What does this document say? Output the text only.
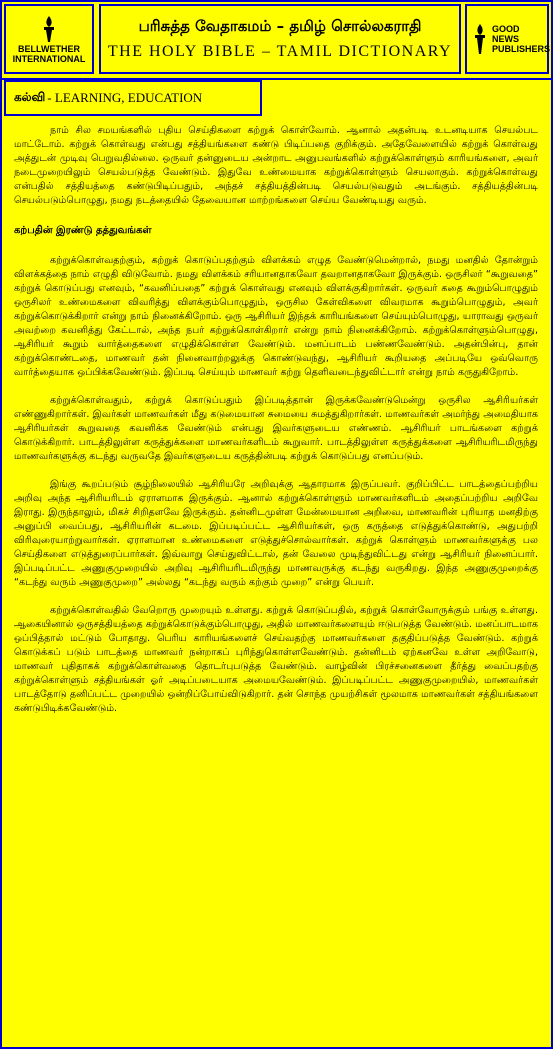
BELLWETHER INTERNATIONAL
பரிசுத்த வேதாகமம் – தமிழ் சொல்லகராதி
THE HOLY BIBLE – TAMIL DICTIONARY
GOOD NEWS PUBLISHERS
கல்வி - LEARNING, EDUCATION

நாம் சில சமயங்களில் புதிய செய்திகளை கற்றுக் கொள்வோம். ஆனால் அதன்படி உடனடியாக செயல்பட மாட்டோம். கற்றுக் கொள்வது என்பது சத்தியங்களை கண்டு பிடிப்பதை குறிக்கும். அதேவேளையில் கற்றுக் கொள்வது அத்துடன் முடிவு பெறுவதில்லை. ஒருவர் தன்னுடைய அன்றாட அனுபவங்களில் கற்றுக்கொள்ளும் காரியங்களை, அவர் நடைமுறையிலும் செயல்படுத்த வேண்டும். இதுவே உண்மையாக கற்றுக்கொள்ளும் செயலாகும். கற்றுக்கொள்வது என்பதில் சத்தியத்தை கண்டுபிடிப்பதும், அந்தச் சத்தியத்தின்படி செயல்படுவதும் அடங்கும். சத்தியத்தின்படி செயல்படும்பொழுது, நமது நடத்தையில் தேவையான மாற்றங்களை செய்ய வேண்டியது வரும்.

கற்பதின் இரண்டு தத்துவங்கள்

கற்றுக்கொள்வதற்கும், கற்றுக் கொடுப்பதற்கும் விளக்கம் எழுத வேண்டுமென்றால், நமது மனதில் தோன்றும் விளக்கத்தை நாம் எழுதி விடுவோம். நமது விளக்கம் சரியானதாகவோ தவறானதாகவோ இருக்கும். ஒருசிலர் “கூறுவதை” கற்றுக் கொடுப்பது எனவும், “கவனிப்பதை” கற்றுக் கொள்வது எனவும் விளக்குகிறார்கள். ஒருவர் கதை கூறும்பொழுதும் ஒருசிலர் உண்மைகளை விவரித்து விளக்கும்பொழுதும், ஒருசில கேள்விகளை விவரமாக கூறும்பொழுதும், அவர் கற்றுக்கொடுக்கிறார் என்று நாம் நினைக்கிறோம். ஒரு ஆசிரியர் இந்தக் காரியங்களை செய்யும்பொழுது, யாராவது ஒருவர் அவற்றை கவனித்து கேட்டால், அந்த நபர் கற்றுக்கொள்கிறார் என்று நாம் நினைக்கிறோம். கற்றுக்கொள்ளும்பொழுது, ஆசிரியர் கூறும் வார்த்தைகளை எழுதிக்கொள்ள வேண்டும். மனப்பாடம் பண்ணவேண்டும். அதன்பின்பு, தான் கற்றுக்கொண்டதை, மாணவர் தன் நினைவாற்றலுக்கு கொண்டுவந்து, ஆசிரியர் கூறியதை அப்படியே ஒவ்வொரு வார்த்தையாக ஒப்பிக்கவேண்டும். இப்படி செய்யும் மாணவர் கற்று தெளிவடைந்துவிட்டார் என்று நாம் கருதுகிறோம்.

கற்றுக்கொள்வதும், கற்றுக் கொடுப்பதும் இப்படித்தான் இருக்கவேண்டுமென்று ஒருசில ஆசிரியர்கள் எண்ணுகிறார்கள். இவர்கள் மாணவர்கள் மீது கடுமையான சுமையை சுமத்துகிறார்கள். மாணவர்கள் அமர்ந்து அமைதியாக ஆசிரியர்கள் கூறுவதை கவனிக்க வேண்டும் என்பது இவர்களுடைய எண்ணம். ஆசிரியர் பாடங்களை கற்றுக் கொடுக்கிறார். பாடத்திலுள்ள கருத்துக்களை மாணவர்களிடம் கூறுவார். பாடத்திலுள்ள கருத்துக்களை ஆசிரியரிடமிருந்து மாணவர்களுக்கு கடந்து வருவதே இவர்களுடைய கருத்தின்படி கற்றுக் கொடுப்பது எனப்படும்.

இங்கு கூறப்படும் சூழ்நிலையில் ஆசிரியரே அறிவுக்கு ஆதாரமாக இருப்பவர். குறிப்பிட்ட பாடத்தைப்பற்றிய அறிவு அந்த ஆசிரியரிடம் ஏராளமாக இருக்கும். ஆனால் கற்றுக்கொள்ளும் மாணவர்களிடம் அதைப்பற்றிய அறிவே இராது. இருந்தாலும், மிகச் சிறிதளவே இருக்கும். தன்னிடமுள்ள மேன்மையான அறிவை, மாணவரின் புரியாத மனதிற்கு அனுப்பி வைப்பது, ஆசிரியரின் கடமை. இப்படிப்பட்ட ஆசிரியர்கள், ஒரு கருத்தை எடுத்துக்கொண்டு, அதுபற்றி விரிவுரையாற்றுவார்கள். ஏராளமான உண்மைகளை எடுத்துச்சொல்வார்கள். கற்றுக் கொள்ளும் மாணவர்களுக்கு பல செய்திகளை எடுத்துரைப்பார்கள். இவ்வாறு செய்துவிட்டால், தன் வேலை முடிந்துவிட்டது என்று ஆசிரியர் நினைப்பார். இப்படிப்பட்ட அணுகுமுறையில் அறிவு ஆசிரியரிடமிருந்து மாணவருக்கு கடந்து வருகிறது. இந்த அணுகுமுறைக்கு “கடந்து வரும் அணுகுமுறை” அல்லது “கடந்து வரும் கற்கும் முறை” என்று பெயர்.

கற்றுக்கொள்வதில் வேறொரு முறையும் உள்ளது. கற்றுக் கொடுப்பதில், கற்றுக் கொள்வோருக்கும் பங்கு உள்ளது. ஆகையினால் ஒருசத்தியத்தை கற்றுக்கொடுக்கும்பொழுது, அதில் மாணவர்களையும் ஈடுபடுத்த வேண்டும். மனப்பாடமாக ஒப்பித்தால் மட்டும் போதாது. பெரிய காரியங்களைச் செய்வதற்கு மாணவர்களை தகுதிப்படுத்த வேண்டும். கற்றுக் கொடுக்கப் படும் பாடத்தை மாணவர் நன்றாகப் புரிந்துகொள்ளவேண்டும். தன்னிடம் ஏற்கனவே உள்ள அறிவோடு, மாணவர் புதிதாகக் கற்றுக்கொள்வதை தொடர்புபடுத்த வேண்டும். வாழ்வின் பிரச்சனைகளை தீர்த்து வைப்பதற்கு கற்றுக்கொள்ளும் சத்தியங்கள் ஓர் அடிப்படையாக அமையவேண்டும். இப்படிப்பட்ட அணுகுமுறையில், மாணவர்கள் பாடத்தோடு தனிப்பட்ட முறையில் ஒன்றிப்போய்விடுகிறார். தன் சொந்த முயற்சிகள் மூலமாக மாணவர்கள் சத்தியங்களை கண்டுபிடிக்கவேண்டும்.
